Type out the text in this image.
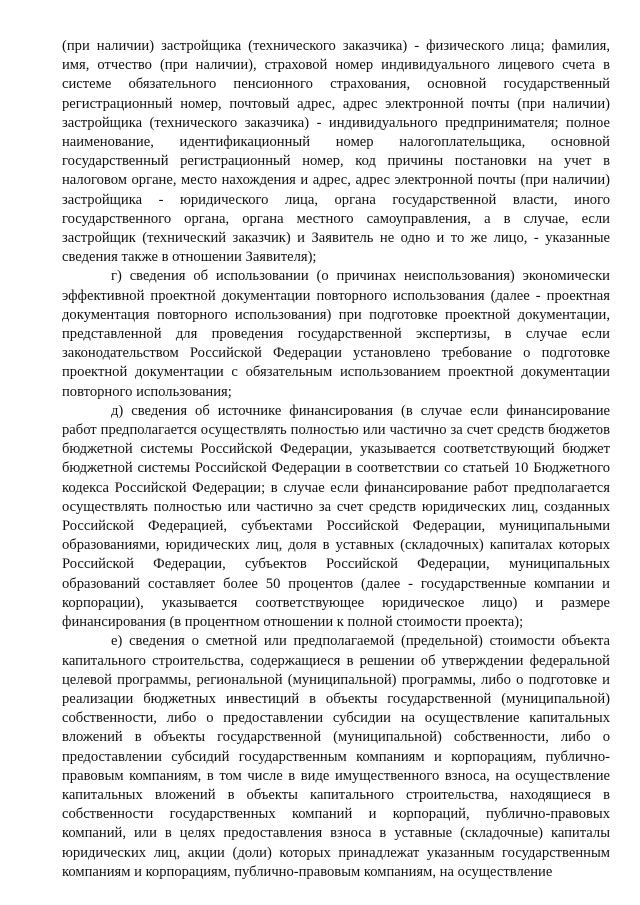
(при наличии) застройщика (технического заказчика) - физического лица; фамилия, имя, отчество (при наличии), страховой номер индивидуального лицевого счета в системе обязательного пенсионного страхования, основной государственный регистрационный номер, почтовый адрес, адрес электронной почты (при наличии) застройщика (технического заказчика) - индивидуального предпринимателя; полное наименование, идентификационный номер налогоплательщика, основной государственный регистрационный номер, код причины постановки на учет в налоговом органе, место нахождения и адрес, адрес электронной почты (при наличии) застройщика - юридического лица, органа государственной власти, иного государственного органа, органа местного самоуправления, а в случае, если застройщик (технический заказчик) и Заявитель не одно и то же лицо, - указанные сведения также в отношении Заявителя);

г) сведения об использовании (о причинах неиспользования) экономически эффективной проектной документации повторного использования (далее - проектная документация повторного использования) при подготовке проектной документации, представленной для проведения государственной экспертизы, в случае если законодательством Российской Федерации установлено требование о подготовке проектной документации с обязательным использованием проектной документации повторного использования;

д) сведения об источнике финансирования (в случае если финансирование работ предполагается осуществлять полностью или частично за счет средств бюджетов бюджетной системы Российской Федерации, указывается соответствующий бюджет бюджетной системы Российской Федерации в соответствии со статьей 10 Бюджетного кодекса Российской Федерации; в случае если финансирование работ предполагается осуществлять полностью или частично за счет средств юридических лиц, созданных Российской Федерацией, субъектами Российской Федерации, муниципальными образованиями, юридических лиц, доля в уставных (складочных) капиталах которых Российской Федерации, субъектов Российской Федерации, муниципальных образований составляет более 50 процентов (далее - государственные компании и корпорации), указывается соответствующее юридическое лицо) и размере финансирования (в процентном отношении к полной стоимости проекта);

е) сведения о сметной или предполагаемой (предельной) стоимости объекта капитального строительства, содержащиеся в решении об утверждении федеральной целевой программы, региональной (муниципальной) программы, либо о подготовке и реализации бюджетных инвестиций в объекты государственной (муниципальной) собственности, либо о предоставлении субсидии на осуществление капитальных вложений в объекты государственной (муниципальной) собственности, либо о предоставлении субсидий государственным компаниям и корпорациям, публично-правовым компаниям, в том числе в виде имущественного взноса, на осуществление капитальных вложений в объекты капитального строительства, находящиеся в собственности государственных компаний и корпораций, публично-правовых компаний, или в целях предоставления взноса в уставные (складочные) капиталы юридических лиц, акции (доли) которых принадлежат указанным государственным компаниям и корпорациям, публично-правовым компаниям, на осуществление
